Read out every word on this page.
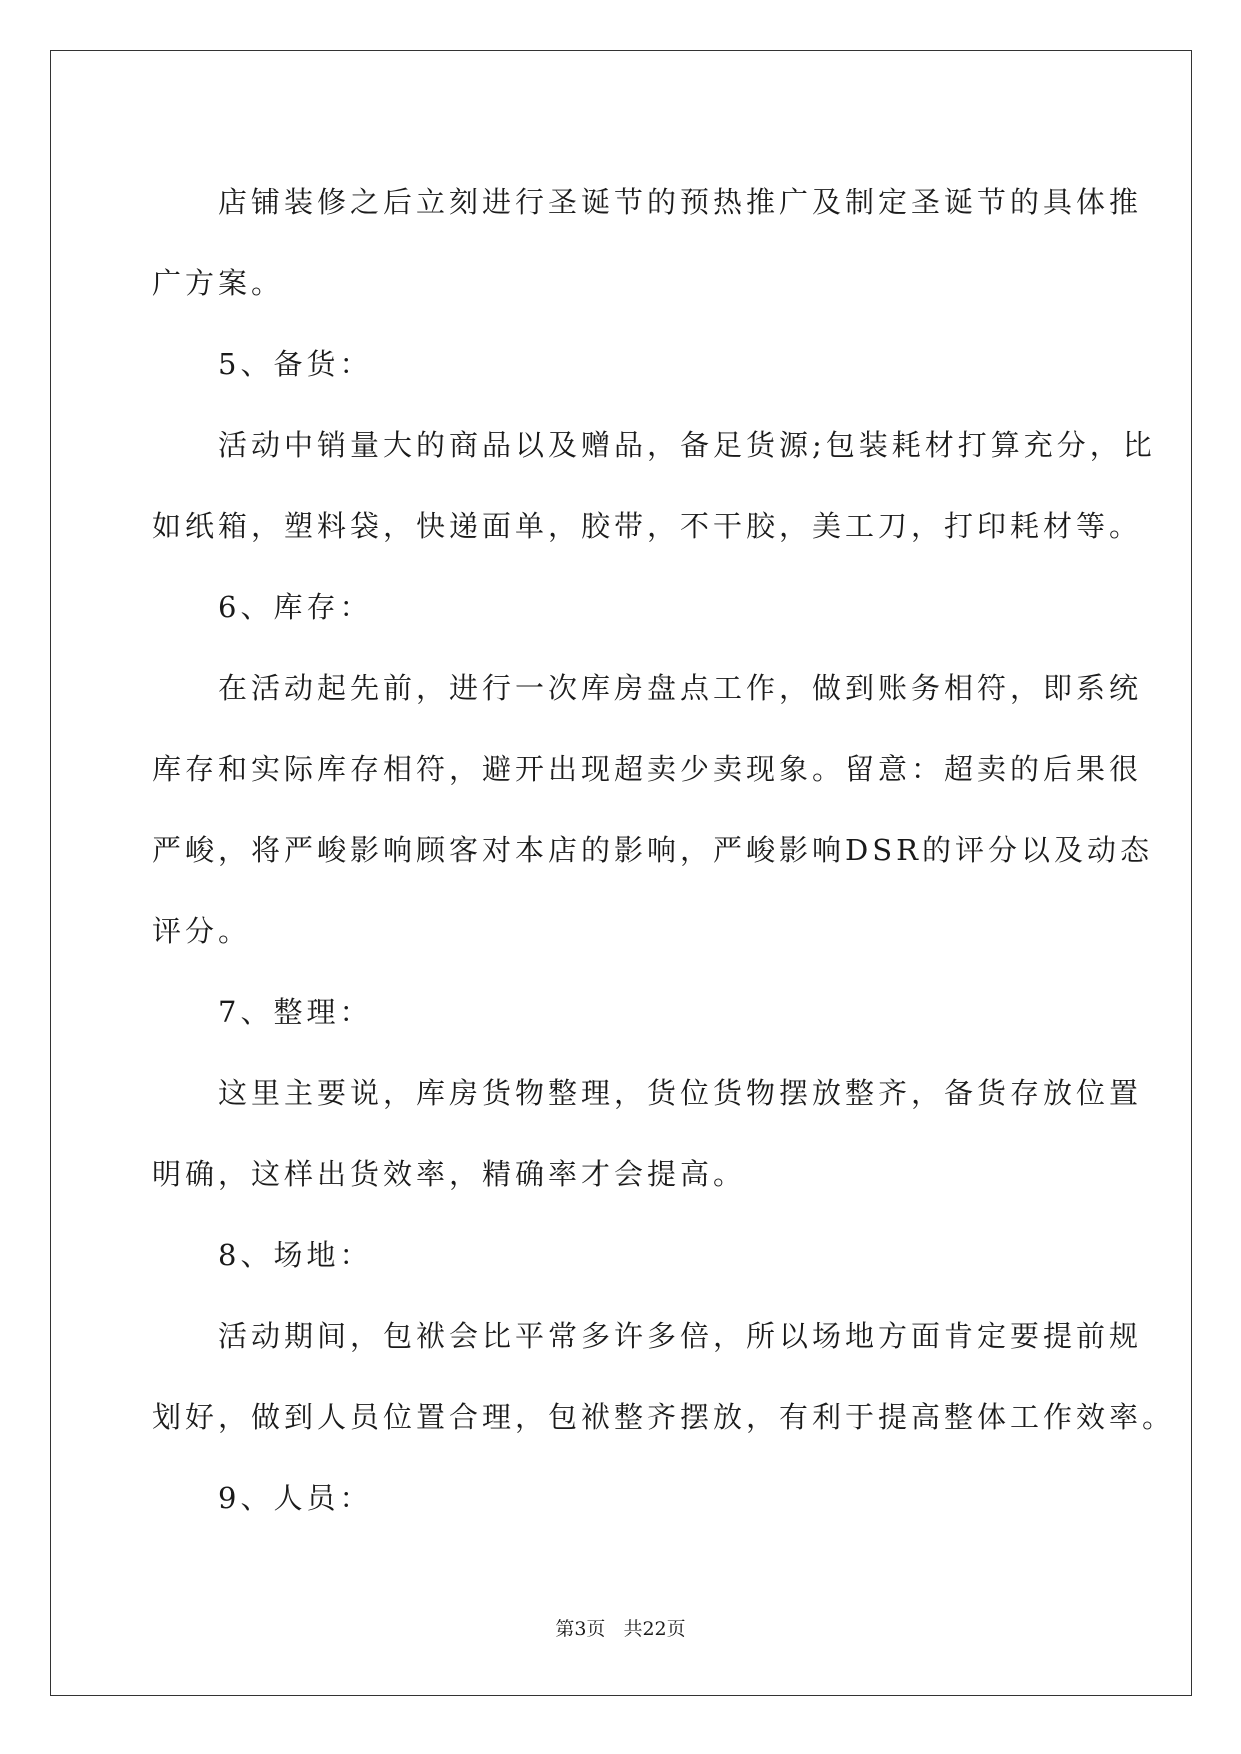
　　店铺装修之后立刻进行圣诞节的预热推广及制定圣诞节的具体推
广方案。

　　5、备货：

　　活动中销量大的商品以及赠品，备足货源;包装耗材打算充分，比
如纸箱，塑料袋，快递面单，胶带，不干胶，美工刀，打印耗材等。

　　6、库存：

　　在活动起先前，进行一次库房盘点工作，做到账务相符，即系统
库存和实际库存相符，避开出现超卖少卖现象。留意：超卖的后果很
严峻，将严峻影响顾客对本店的影响，严峻影响DSR的评分以及动态
评分。

　　7、整理：

　　这里主要说，库房货物整理，货位货物摆放整齐，备货存放位置
明确，这样出货效率，精确率才会提高。

　　8、场地：

　　活动期间，包袱会比平常多许多倍，所以场地方面肯定要提前规
划好，做到人员位置合理，包袱整齐摆放，有利于提高整体工作效率。

　　9、人员：

第3页 共22页
